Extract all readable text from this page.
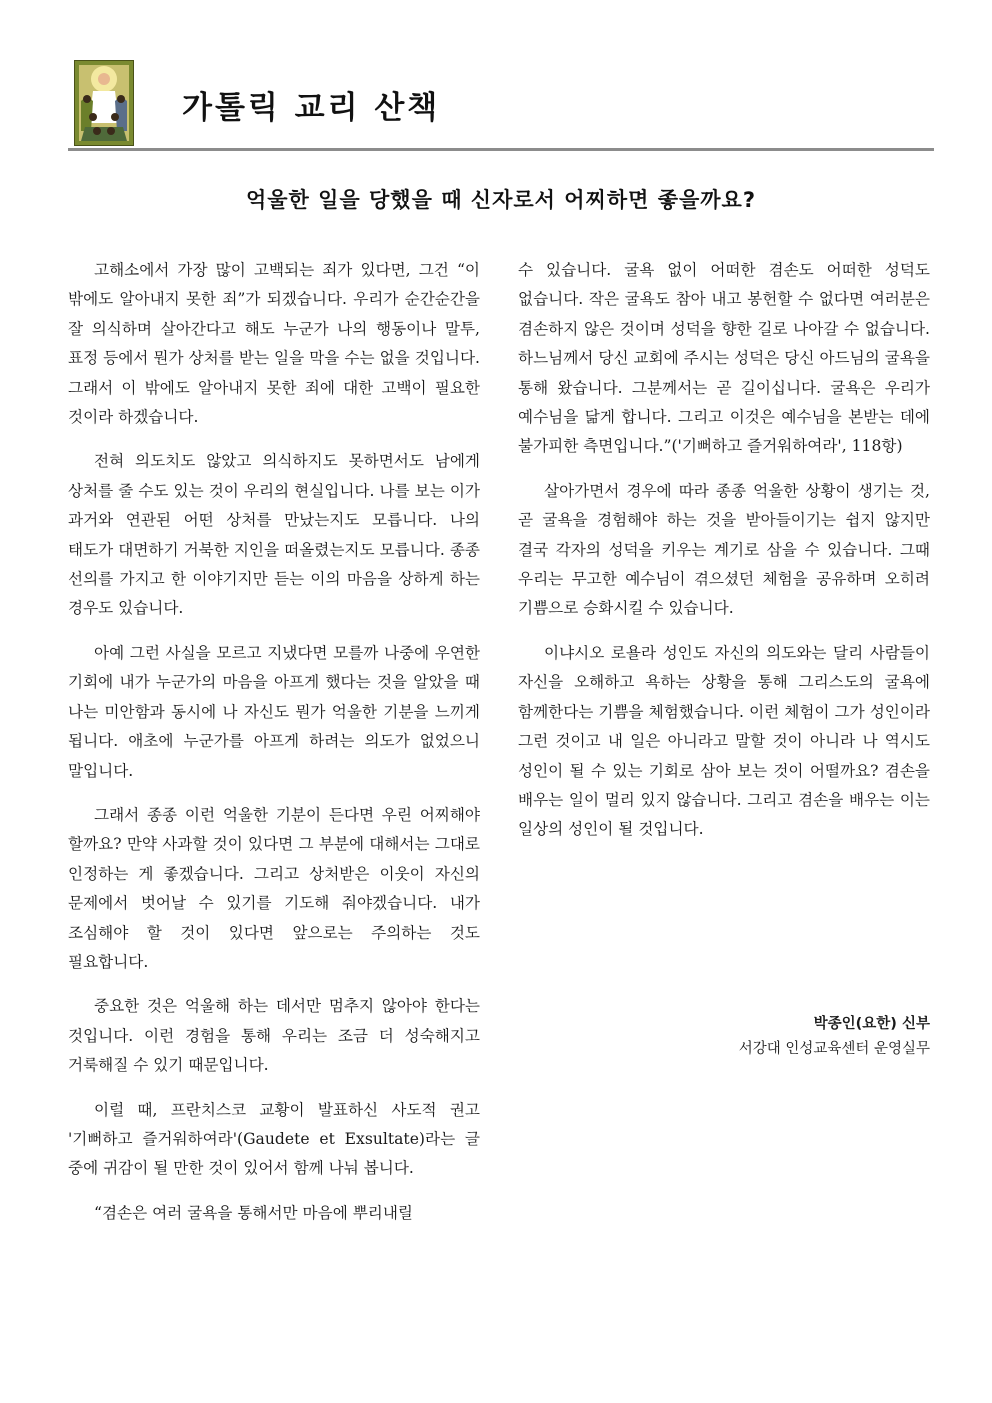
가톨릭 교리 산책
억울한 일을 당했을 때 신자로서 어찌하면 좋을까요?

고해소에서 가장 많이 고백되는 죄가 있다면, 그건 “이 밖에도 알아내지 못한 죄”가 되겠습니다. 우리가 순간순간을 잘 의식하며 살아간다고 해도 누군가 나의 행동이나 말투, 표정 등에서 뭔가 상처를 받는 일을 막을 수는 없을 것입니다. 그래서 이 밖에도 알아내지 못한 죄에 대한 고백이 필요한 것이라 하겠습니다.

전혀 의도치도 않았고 의식하지도 못하면서도 남에게 상처를 줄 수도 있는 것이 우리의 현실입니다. 나를 보는 이가 과거와 연관된 어떤 상처를 만났는지도 모릅니다. 나의 태도가 대면하기 거북한 지인을 떠올렸는지도 모릅니다. 종종 선의를 가지고 한 이야기지만 듣는 이의 마음을 상하게 하는 경우도 있습니다.

아예 그런 사실을 모르고 지냈다면 모를까 나중에 우연한 기회에 내가 누군가의 마음을 아프게 했다는 것을 알았을 때 나는 미안함과 동시에 나 자신도 뭔가 억울한 기분을 느끼게 됩니다. 애초에 누군가를 아프게 하려는 의도가 없었으니 말입니다.

그래서 종종 이런 억울한 기분이 든다면 우린 어찌해야 할까요? 만약 사과할 것이 있다면 그 부분에 대해서는 그대로 인정하는 게 좋겠습니다. 그리고 상처받은 이웃이 자신의 문제에서 벗어날 수 있기를 기도해 줘야겠습니다. 내가 조심해야 할 것이 있다면 앞으로는 주의하는 것도 필요합니다.

중요한 것은 억울해 하는 데서만 멈추지 않아야 한다는 것입니다. 이런 경험을 통해 우리는 조금 더 성숙해지고 거룩해질 수 있기 때문입니다.

이럴 때, 프란치스코 교황이 발표하신 사도적 권고 '기뻐하고 즐거워하여라'(Gaudete et Exsultate)라는 글 중에 귀감이 될 만한 것이 있어서 함께 나눠 봅니다.

“겸손은 여러 굴욕을 통해서만 마음에 뿌리내릴

수 있습니다. 굴욕 없이 어떠한 겸손도 어떠한 성덕도 없습니다. 작은 굴욕도 참아 내고 봉헌할 수 없다면 여러분은 겸손하지 않은 것이며 성덕을 향한 길로 나아갈 수 없습니다. 하느님께서 당신 교회에 주시는 성덕은 당신 아드님의 굴욕을 통해 왔습니다. 그분께서는 곧 길이십니다. 굴욕은 우리가 예수님을 닮게 합니다. 그리고 이것은 예수님을 본받는 데에 불가피한 측면입니다.”('기뻐하고 즐거워하여라', 118항)

살아가면서 경우에 따라 종종 억울한 상황이 생기는 것, 곧 굴욕을 경험해야 하는 것을 받아들이기는 쉽지 않지만 결국 각자의 성덕을 키우는 계기로 삼을 수 있습니다. 그때 우리는 무고한 예수님이 겪으셨던 체험을 공유하며 오히려 기쁨으로 승화시킬 수 있습니다.

이냐시오 로욜라 성인도 자신의 의도와는 달리 사람들이 자신을 오해하고 욕하는 상황을 통해 그리스도의 굴욕에 함께한다는 기쁨을 체험했습니다. 이런 체험이 그가 성인이라 그런 것이고 내 일은 아니라고 말할 것이 아니라 나 역시도 성인이 될 수 있는 기회로 삼아 보는 것이 어떨까요? 겸손을 배우는 일이 멀리 있지 않습니다. 그리고 겸손을 배우는 이는 일상의 성인이 될 것입니다.

박종인(요한) 신부
서강대 인성교육센터 운영실무
